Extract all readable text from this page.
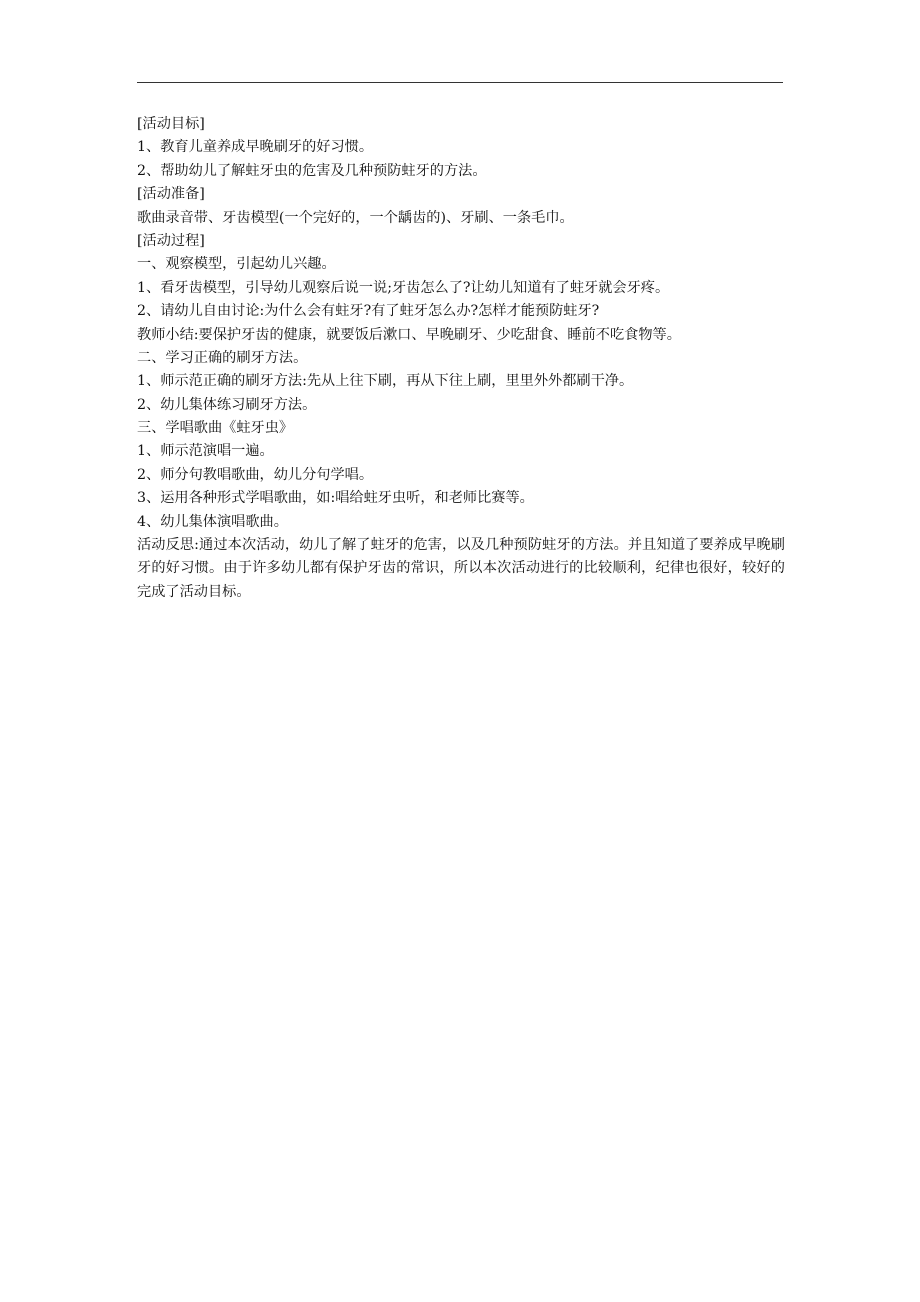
[活动目标]
1、教育儿童养成早晚刷牙的好习惯。
2、帮助幼儿了解蛀牙虫的危害及几种预防蛀牙的方法。
[活动准备]
歌曲录音带、牙齿模型(一个完好的，一个龋齿的)、牙刷、一条毛巾。
[活动过程]
一、观察模型，引起幼儿兴趣。
1、看牙齿模型，引导幼儿观察后说一说;牙齿怎么了?让幼儿知道有了蛀牙就会牙疼。
2、请幼儿自由讨论:为什么会有蛀牙?有了蛀牙怎么办?怎样才能预防蛀牙?
教师小结:要保护牙齿的健康，就要饭后漱口、早晚刷牙、少吃甜食、睡前不吃食物等。
二、学习正确的刷牙方法。
1、师示范正确的刷牙方法:先从上往下刷，再从下往上刷，里里外外都刷干净。
2、幼儿集体练习刷牙方法。
三、学唱歌曲《蛀牙虫》
1、师示范演唱一遍。
2、师分句教唱歌曲，幼儿分句学唱。
3、运用各种形式学唱歌曲，如:唱给蛀牙虫听，和老师比赛等。
4、幼儿集体演唱歌曲。
活动反思:通过本次活动，幼儿了解了蛀牙的危害，以及几种预防蛀牙的方法。并且知道了要养成早晚刷牙的好习惯。由于许多幼儿都有保护牙齿的常识，所以本次活动进行的比较顺利，纪律也很好，较好的完成了活动目标。
